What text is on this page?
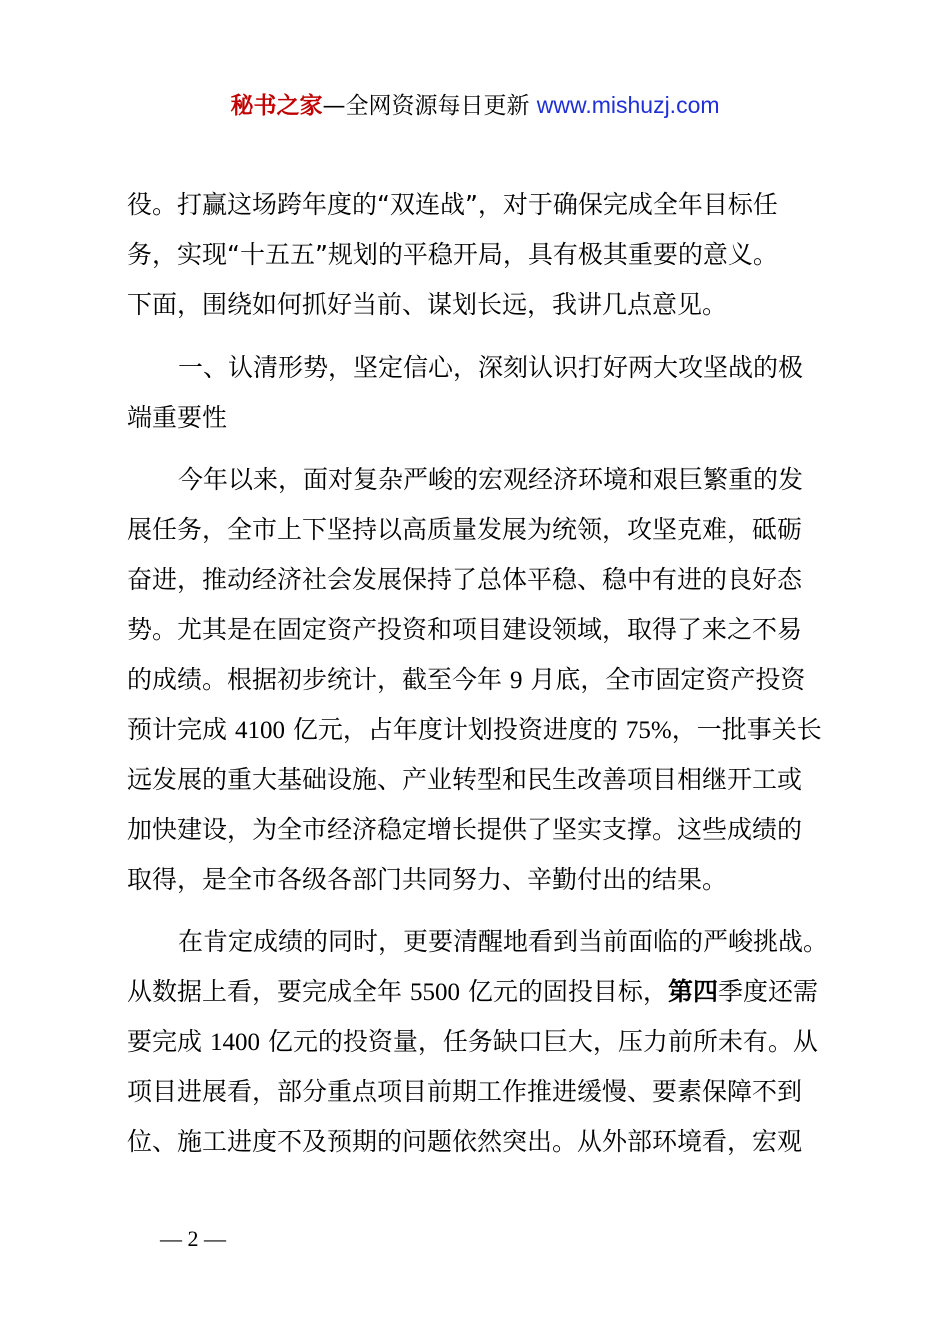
秘书之家—全网资源每日更新 www.mishuzj.com
役。打赢这场跨年度的“双连战”，对于确保完成全年目标任
务，实现“十五五”规划的平稳开局，具有极其重要的意义。
下面，围绕如何抓好当前、谋划长远，我讲几点意见。
一、认清形势，坚定信心，深刻认识打好两大攻坚战的极
端重要性
今年以来，面对复杂严峻的宏观经济环境和艰巨繁重的发
展任务，全市上下坚持以高质量发展为统领，攻坚克难，砥砺
奋进，推动经济社会发展保持了总体平稳、稳中有进的良好态
势。尤其是在固定资产投资和项目建设领域，取得了来之不易
的成绩。根据初步统计，截至今年 9 月底，全市固定资产投资
预计完成 4100 亿元，占年度计划投资进度的 75%，一批事关长
远发展的重大基础设施、产业转型和民生改善项目相继开工或
加快建设，为全市经济稳定增长提供了坚实支撑。这些成绩的
取得，是全市各级各部门共同努力、辛勤付出的结果。
在肯定成绩的同时，更要清醒地看到当前面临的严峻挑战。
从数据上看，要完成全年 5500 亿元的固投目标，第四季度还需
要完成 1400 亿元的投资量，任务缺口巨大，压力前所未有。从
项目进展看，部分重点项目前期工作推进缓慢、要素保障不到
位、施工进度不及预期的问题依然突出。从外部环境看，宏观
— 2 —
